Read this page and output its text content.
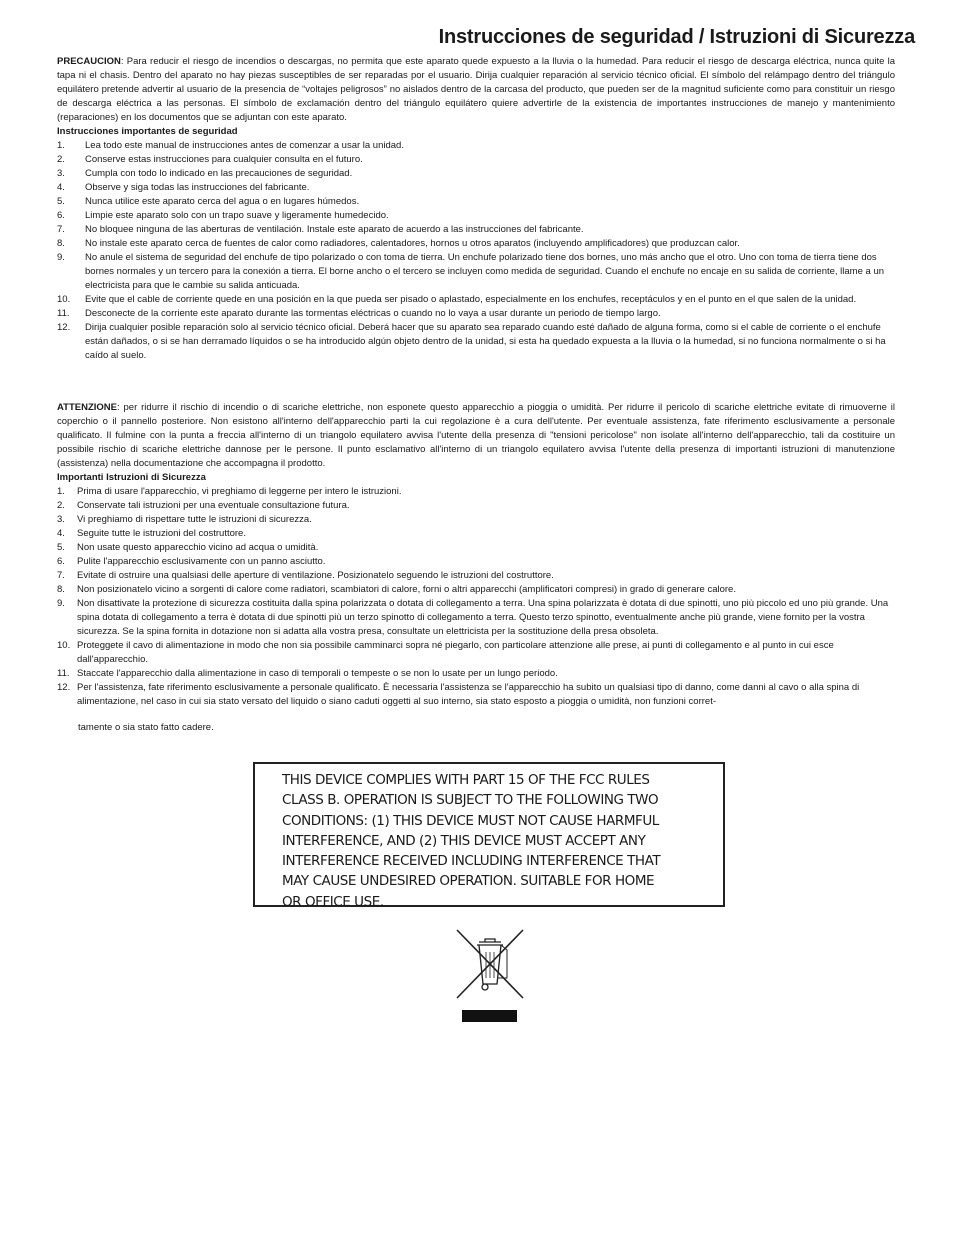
Instrucciones de seguridad / Istruzioni di Sicurezza

PRECAUCION: Para reducir el riesgo de incendios o descargas, no permita que este aparato quede expuesto a la lluvia o la humedad. Para reducir el riesgo de descarga eléctrica, nunca quite la tapa ni el chasis. Dentro del aparato no hay piezas susceptibles de ser reparadas por el usuario. Dirija cualquier reparación al servicio técnico oficial. El símbolo del relámpago dentro del triángulo equilátero pretende advertir al usuario de la presencia de “voltajes peligrosos” no aislados dentro de la carcasa del producto, que pueden ser de la magnitud suficiente como para constituir un riesgo de descarga eléctrica a las personas. El símbolo de exclamación dentro del triángulo equilátero quiere advertirle de la existencia de importantes instrucciones de manejo y mantenimiento (reparaciones) en los documentos que se adjuntan con este aparato.

Instrucciones importantes de seguridad

1.	Lea todo este manual de instrucciones antes de comenzar a usar la unidad.
2.	Conserve estas instrucciones para cualquier consulta en el futuro.
3.	Cumpla con todo lo indicado en las precauciones de seguridad.
4.	Observe y siga todas las instrucciones del fabricante.
5.	Nunca utilice este aparato cerca del agua o en lugares húmedos.
6.	Limpie este aparato solo con un trapo suave y ligeramente humedecido.
7.	No bloquee ninguna de las aberturas de ventilación. Instale este aparato de acuerdo a las instrucciones del fabricante.
8.	No instale este aparato cerca de fuentes de calor como radiadores, calentadores, hornos u otros aparatos (incluyendo amplificadores) que produzcan calor.
9.	No anule el sistema de seguridad del enchufe de tipo polarizado o con toma de tierra. Un enchufe polarizado tiene dos bornes, uno más ancho que el otro. Uno con toma de tierra tiene dos bornes normales y un tercero para la conexión a tierra. El borne ancho o el tercero se incluyen como medida de seguridad. Cuando el enchufe no encaje en su salida de corriente, llame a un electricista para que le cambie su salida anticuada.
10.	Evite que el cable de corriente quede en una posición en la que pueda ser pisado o aplastado, especialmente en los enchufes, receptáculos y en el punto en el que salen de la unidad.
11.	Desconecte de la corriente este aparato durante las tormentas eléctricas o cuando no lo vaya a usar durante un periodo de tiempo largo.
12.	Dirija cualquier posible reparación solo al servicio técnico oficial. Deberá hacer que su aparato sea reparado cuando esté dañado de alguna forma, como si el cable de corriente o el enchufe están dañados, o si se han derramado líquidos o se ha introducido algún objeto dentro de la unidad, si esta ha quedado expuesta a la lluvia o la humedad, si no funciona normalmente o si ha caído al suelo.

ATTENZIONE: per ridurre il rischio di incendio o di scariche elettriche, non esponete questo apparecchio a pioggia o umidità. Per ridurre il pericolo di scariche elettriche evitate di rimuoverne il coperchio o il pannello posteriore. Non esistono all'interno dell'apparecchio parti la cui regolazione è a cura dell'utente. Per eventuale assistenza, fate riferimento esclusivamente a personale qualificato. Il fulmine con la punta a freccia all'interno di un triangolo equilatero avvisa l'utente della presenza di "tensioni pericolose" non isolate all'interno dell'apparecchio, tali da costituire un possibile rischio di scariche elettriche dannose per le persone. Il punto esclamativo all'interno di un triangolo equilatero avvisa l'utente della presenza di importanti istruzioni di manutenzione (assistenza) nella documentazione che accompagna il prodotto.

Importanti Istruzioni di Sicurezza

1.	Prima di usare l'apparecchio, vi preghiamo di leggerne per intero le istruzioni.
2.	Conservate tali istruzioni per una eventuale consultazione futura.
3.	Vi preghiamo di rispettare tutte le istruzioni di sicurezza.
4.	Seguite tutte le istruzioni del costruttore.
5.	Non usate questo apparecchio vicino ad acqua o umidità.
6.	Pulite l'apparecchio esclusivamente con un panno asciutto.
7.	Evitate di ostruire una qualsiasi delle aperture di ventilazione. Posizionatelo seguendo le istruzioni del costruttore.
8.	Non posizionatelo vicino a sorgenti di calore come radiatori, scambiatori di calore, forni o altri apparecchi (amplificatori compresi) in grado di generare calore.
9.	Non disattivate la protezione di sicurezza costituita dalla spina polarizzata o dotata di collegamento a terra. Una spina polarizzata è dotata di due spinotti, uno più piccolo ed uno più grande. Una spina dotata di collegamento a terra è dotata di due spinotti più un terzo spinotto di collegamento a terra. Questo terzo spinotto, eventualmente anche più grande, viene fornito per la vostra sicurezza. Se la spina fornita in dotazione non si adatta alla vostra presa, consultate un elettricista per la sostituzione della presa obsoleta.
10. Proteggete il cavo di alimentazione in modo che non sia possibile camminarci sopra né piegarlo, con particolare attenzione alle prese, ai punti di collegamento e al punto in cui esce dall'apparecchio.
11. Staccate l'apparecchio dalla alimentazione in caso di temporali o tempeste o se non lo usate per un lungo periodo.
12. Per l'assistenza, fate riferimento esclusivamente a personale qualificato. È necessaria l'assistenza se l'apparecchio ha subito un qualsiasi tipo di danno, come danni al cavo o alla spina di alimentazione, nel caso in cui sia stato versato del liquido o siano caduti oggetti al suo interno, sia stato esposto a pioggia o umidità, non funzioni corret-

tamente o sia stato fatto cadere.

THIS DEVICE COMPLIES WITH PART 15 OF THE FCC RULES

CLASS B. OPERATION IS SUBJECT TO THE FOLLOWING TWO

CONDITIONS: (1) THIS DEVICE MUST NOT CAUSE HARMFUL

INTERFERENCE, AND (2) THIS DEVICE MUST ACCEPT ANY

INTERFERENCE RECEIVED INCLUDING INTERFERENCE THAT

MAY CAUSE UNDESIRED OPERATION. SUITABLE FOR HOME

OR OFFICE USE.
